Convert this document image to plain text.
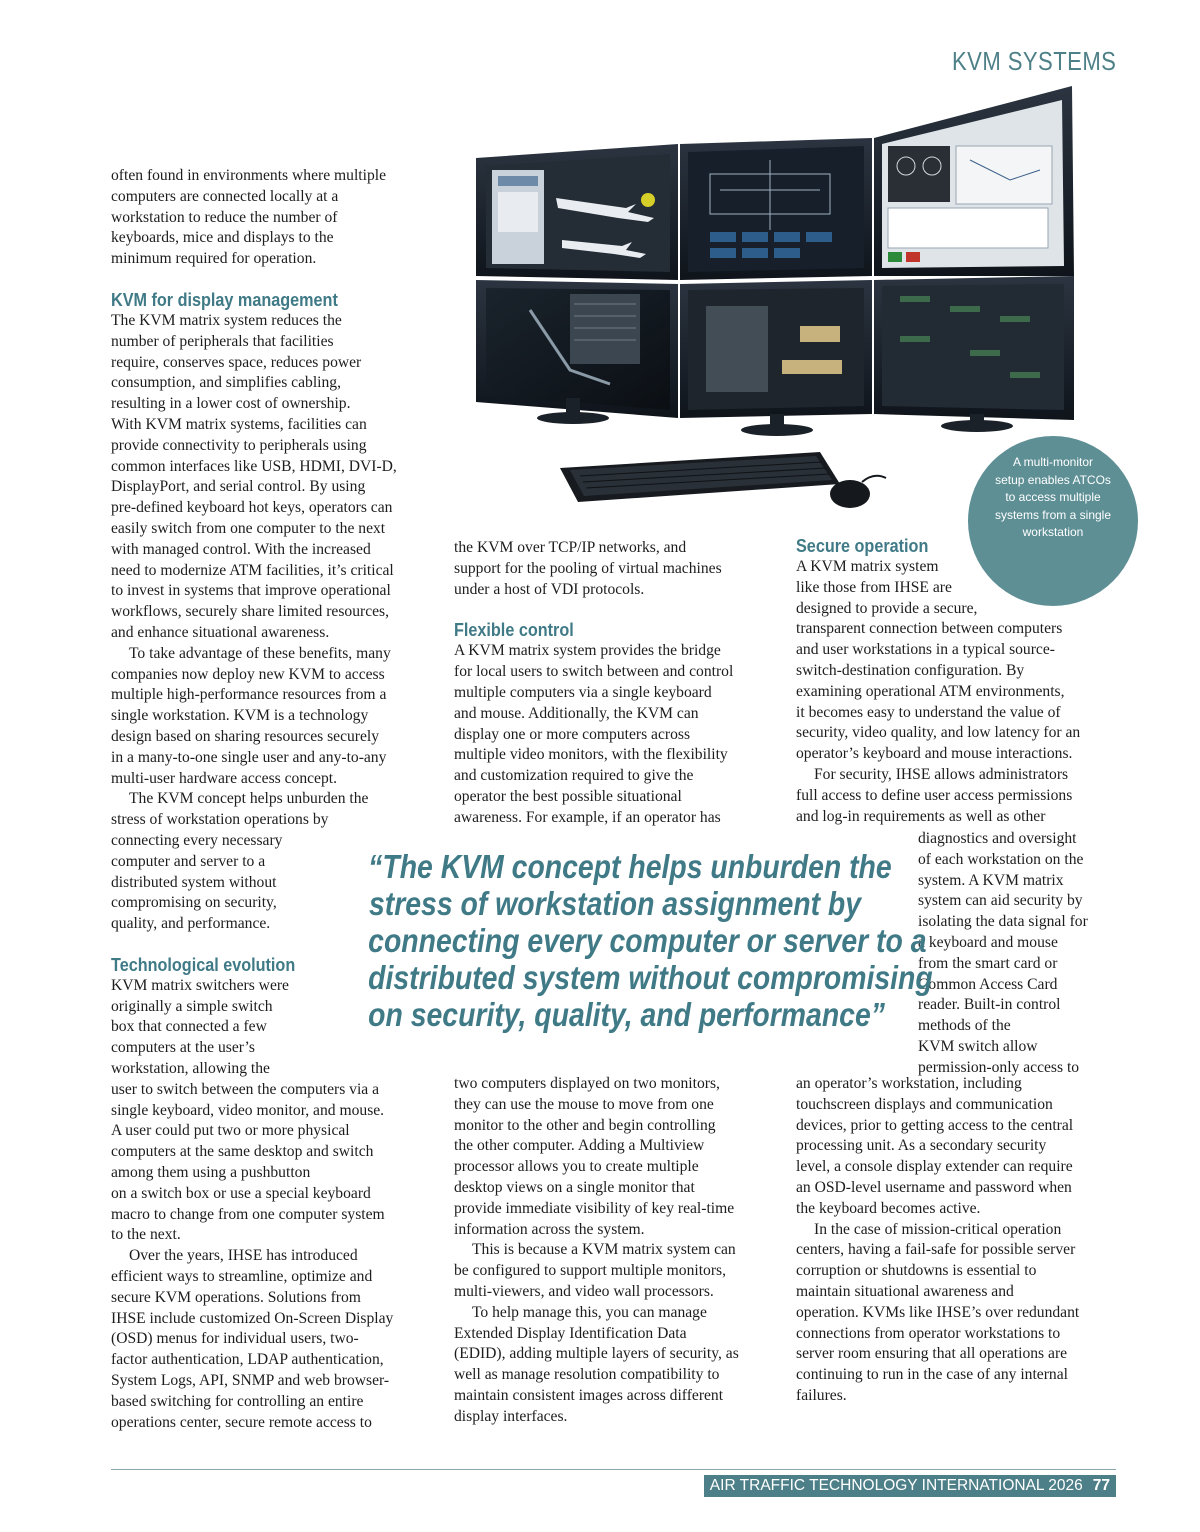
KVM SYSTEMS
A multi-monitor
setup enables ATCOs
to access multiple
systems from a single
workstation

often found in environments where multiple
computers are connected locally at a
workstation to reduce the number of
keyboards, mice and displays to the
minimum required for operation.

KVM for display management

The KVM matrix system reduces the
number of peripherals that facilities
require, conserves space, reduces power
consumption, and simplifies cabling,
resulting in a lower cost of ownership.
With KVM matrix systems, facilities can
provide connectivity to peripherals using
common interfaces like USB, HDMI, DVI-D,
DisplayPort, and serial control. By using
pre-defined keyboard hot keys, operators can
easily switch from one computer to the next
with managed control. With the increased
need to modernize ATM facilities, it’s critical
to invest in systems that improve operational
workflows, securely share limited resources,
and enhance situational awareness.

To take advantage of these benefits, many
companies now deploy new KVM to access
multiple high-performance resources from a
single workstation. KVM is a technology
design based on sharing resources securely
in a many-to-one single user and any-to-any
multi-user hardware access concept.

The KVM concept helps unburden the
stress of workstation operations by
connecting every necessary
computer and server to a
distributed system without
compromising on security,
quality, and performance.

Technological evolution

KVM matrix switchers were
originally a simple switch
box that connected a few
computers at the user’s
workstation, allowing the
user to switch between the computers via a
single keyboard, video monitor, and mouse.
A user could put two or more physical
computers at the same desktop and switch
among them using a pushbutton
on a switch box or use a special keyboard
macro to change from one computer system
to the next.

Over the years, IHSE has introduced
efficient ways to streamline, optimize and
secure KVM operations. Solutions from
IHSE include customized On-Screen Display
(OSD) menus for individual users, two-
factor authentication, LDAP authentication,
System Logs, API, SNMP and web browser-
based switching for controlling an entire
operations center, secure remote access to

the KVM over TCP/IP networks, and
support for the pooling of virtual machines
under a host of VDI protocols.

Flexible control

A KVM matrix system provides the bridge
for local users to switch between and control
multiple computers via a single keyboard
and mouse. Additionally, the KVM can
display one or more computers across
multiple video monitors, with the flexibility
and customization required to give the
operator the best possible situational
awareness. For example, if an operator has

two computers displayed on two monitors,
they can use the mouse to move from one
monitor to the other and begin controlling
the other computer. Adding a Multiview
processor allows you to create multiple
desktop views on a single monitor that
provide immediate visibility of key real-time
information across the system.

This is because a KVM matrix system can
be configured to support multiple monitors,
multi-viewers, and video wall processors.

To help manage this, you can manage
Extended Display Identification Data
(EDID), adding multiple layers of security, as
well as manage resolution compatibility to
maintain consistent images across different
display interfaces.

Secure operation

A KVM matrix system
like those from IHSE are
designed to provide a secure,
transparent connection between computers
and user workstations in a typical source-
switch-destination configuration. By
examining operational ATM environments,
it becomes easy to understand the value of
security, video quality, and low latency for an
operator’s keyboard and mouse interactions.

For security, IHSE allows administrators
full access to define user access permissions
and log-in requirements as well as other

diagnostics and oversight
of each workstation on the
system. A KVM matrix
system can aid security by
isolating the data signal for
a keyboard and mouse
from the smart card or
Common Access Card
reader. Built-in control
methods of the
KVM switch allow
permission-only access to

an operator’s workstation, including
touchscreen displays and communication
devices, prior to getting access to the central
processing unit. As a secondary security
level, a console display extender can require
an OSD-level username and password when
the keyboard becomes active.

In the case of mission-critical operation
centers, having a fail-safe for possible server
corruption or shutdowns is essential to
maintain situational awareness and
operation. KVMs like IHSE’s over redundant
connections from operator workstations to
server room ensuring that all operations are
continuing to run in the case of any internal
failures.

“The KVM concept helps unburden the
stress of workstation assignment by
connecting every computer or server to a
distributed system without compromising
on security, quality, and performance”
AIR TRAFFIC TECHNOLOGY INTERNATIONAL 2026 77
